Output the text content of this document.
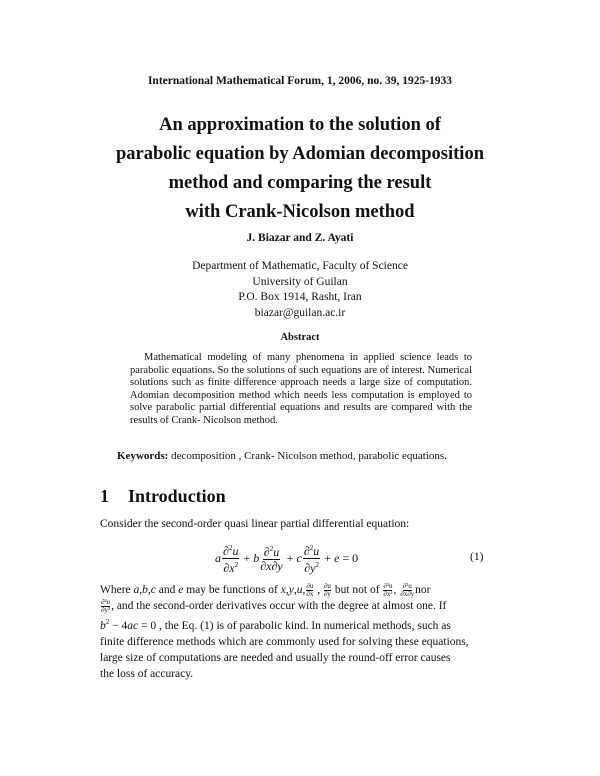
International Mathematical Forum, 1, 2006, no. 39, 1925-1933
An approximation to the solution of
parabolic equation by Adomian decomposition
method and comparing the result
with Crank-Nicolson method
J. Biazar and Z. Ayati
Department of Mathematic, Faculty of Science
University of Guilan
P.O. Box 1914, Rasht, Iran
biazar@guilan.ac.ir
Abstract
Mathematical modeling of many phenomena in applied science leads to parabolic equations. So the solutions of such equations are of interest. Numerical solutions such as finite difference approach needs a large size of computation. Adomian decomposition method which needs less computation is employed to solve parabolic partial differential equations and results are compared with the results of Crank- Nicolson method.
Keywords: decomposition , Crank- Nicolson method, parabolic equations.
1 Introduction
Consider the second-order quasi linear partial differential equation:
a $\frac{\partial^2u}{\partial x^2} + b \frac{\partial^2u}{\partial x\partial y} + c \frac{\partial^2u}{\partial y^2} + e = 0$	(1)
Where a,b,c and e may be functions of x,y,u, $\frac{\partial u}{\partial x}$ , $\frac{\partial u}{\partial y}$ but not of $\frac{\text{∂²u}}{\text{∂x²}}$ , $\frac{\text{∂²u}}{\partial x\partial y}$ nor
$\frac{\text{∂²u}}{\text{∂y²}}$ , and the second-order derivatives occur with the degree at almost one. If
$b^2 - 4ac = 0$ , the Eq. (1) is of parabolic kind. In numerical methods, such as
finite difference methods which are commonly used for solving these equations,
large size of computations are needed and usually the round-off error causes
the loss of accuracy.
